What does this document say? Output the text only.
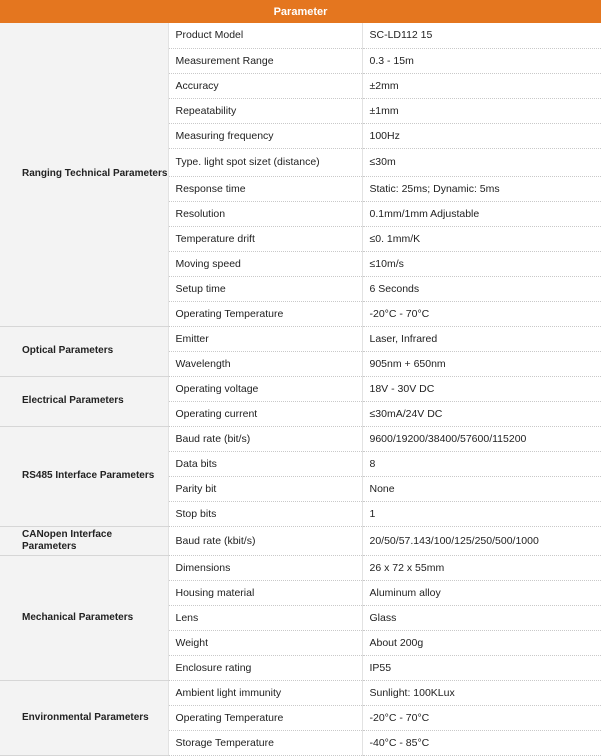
Parameter		
Ranging Technical Parameters	Product Model	SC-LD112 15
	Measurement Range	0.3 - 15m
	Accuracy	±2mm
	Repeatability	±1mm
	Measuring frequency	100Hz
	Type. light spot sizet (distance)	≤30m
	Response time	Static: 25ms; Dynamic: 5ms
	Resolution	0.1mm/1mm Adjustable
	Temperature drift	≤0. 1mm/K
	Moving speed	≤10m/s
	Setup time	6 Seconds
	Operating Temperature	-20°C - 70°C
Optical Parameters	Emitter	Laser, Infrared
	Wavelength	905nm + 650nm
Electrical Parameters	Operating voltage	18V - 30V DC
	Operating current	≤30mA/24V DC
RS485 Interface Parameters	Baud rate (bit/s)	9600/19200/38400/57600/115200
	Data bits	8
	Parity bit	None
	Stop bits	1
CANopen Interface Parameters	Baud rate (kbit/s)	20/50/57.143/100/125/250/500/1000
Mechanical Parameters	Dimensions	26 x 72 x 55mm
	Housing material	Aluminum alloy
	Lens	Glass
	Weight	About 200g
	Enclosure rating	IP55
Environmental Parameters	Ambient light immunity	Sunlight: 100KLux
	Operating Temperature	-20°C - 70°C
	Storage Temperature	-40°C - 85°C
